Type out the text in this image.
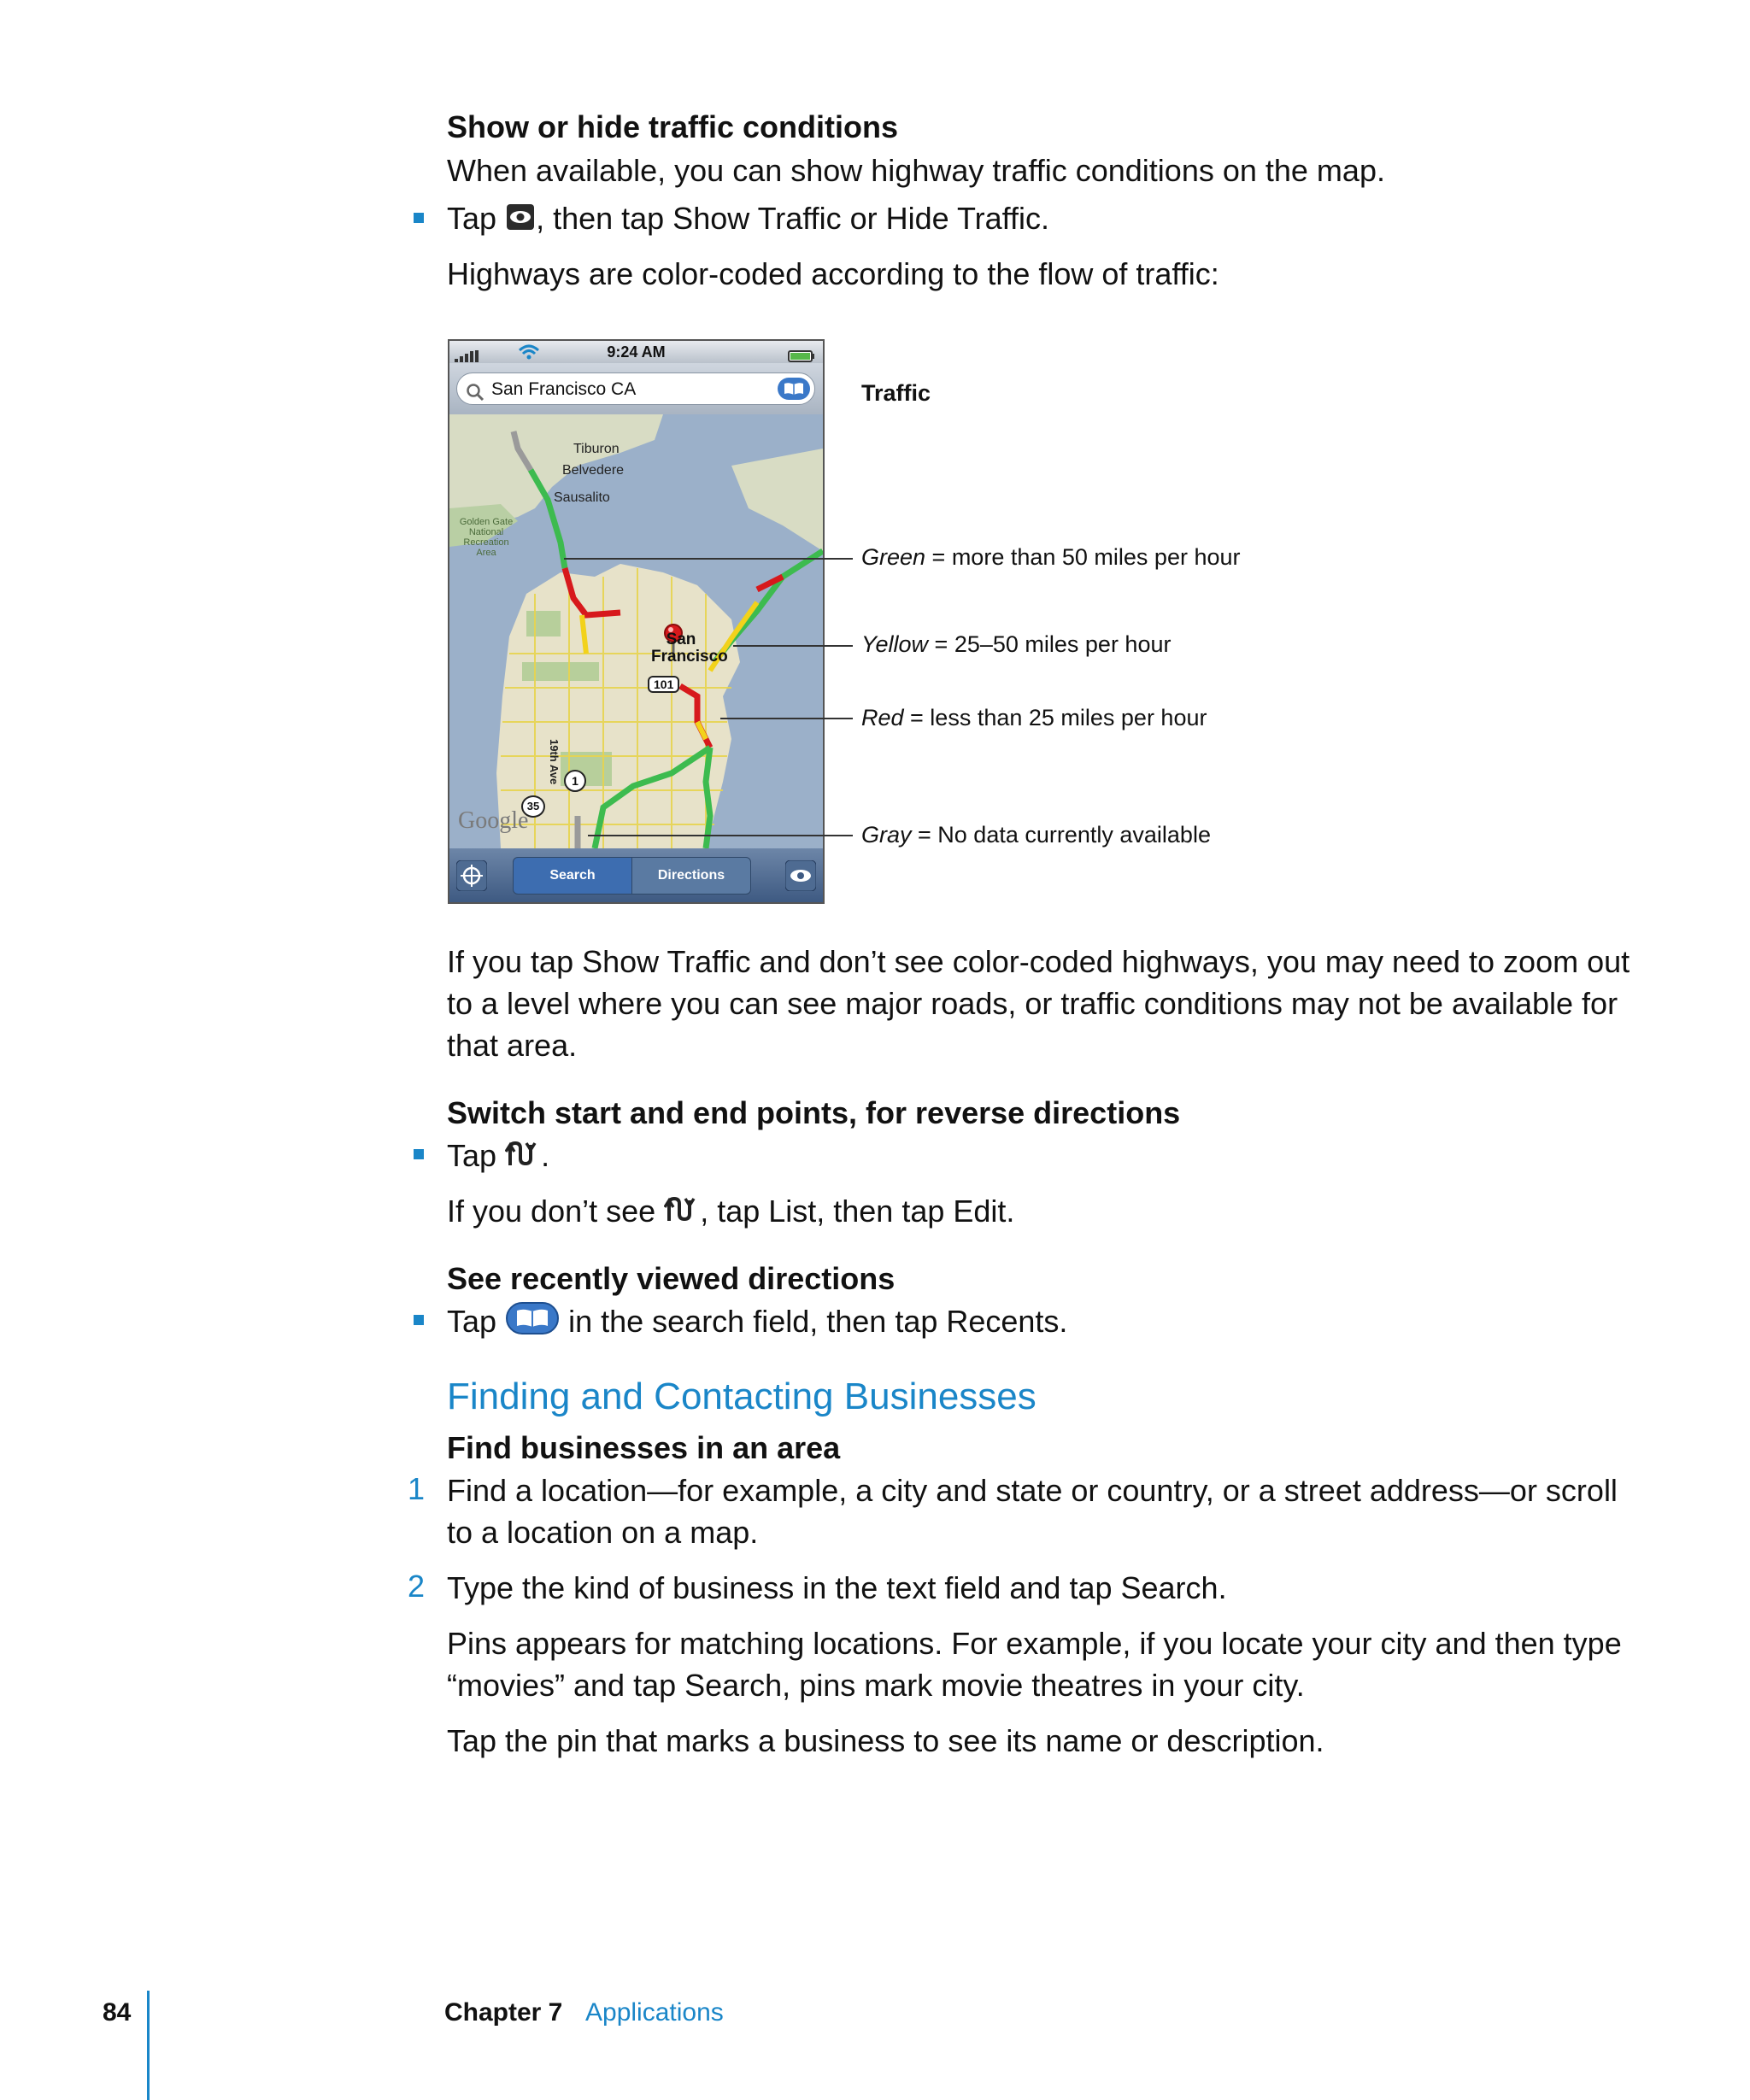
Show or hide traffic conditions
When available, you can show highway traffic conditions on the map.
Tap , then tap Show Traffic or Hide Traffic.
Highways are color-coded according to the flow of traffic:
9:24 AM
San Francisco CA
Tiburon
Belvedere
Sausalito
Golden Gate National Recreation Area
San Francisco
101
1
35
19th Ave
Google
Search	Directions
Traffic
Green = more than 50 miles per hour
Yellow = 25–50 miles per hour
Red = less than 25 miles per hour
Gray = No data currently available
If you tap Show Traffic and don’t see color-coded highways, you may need to zoom out
to a level where you can see major roads, or traffic conditions may not be available for
that area.
Switch start and end points, for reverse directions
Tap .
If you don’t see , tap List, then tap Edit.
See recently viewed directions
Tap in the search field, then tap Recents.
Finding and Contacting Businesses
Find businesses in an area
1 Find a location—for example, a city and state or country, or a street address—or scroll
to a location on a map.
2 Type the kind of business in the text field and tap Search.
Pins appears for matching locations. For example, if you locate your city and then type
“movies” and tap Search, pins mark movie theatres in your city.
Tap the pin that marks a business to see its name or description.
84	Chapter 7 Applications
